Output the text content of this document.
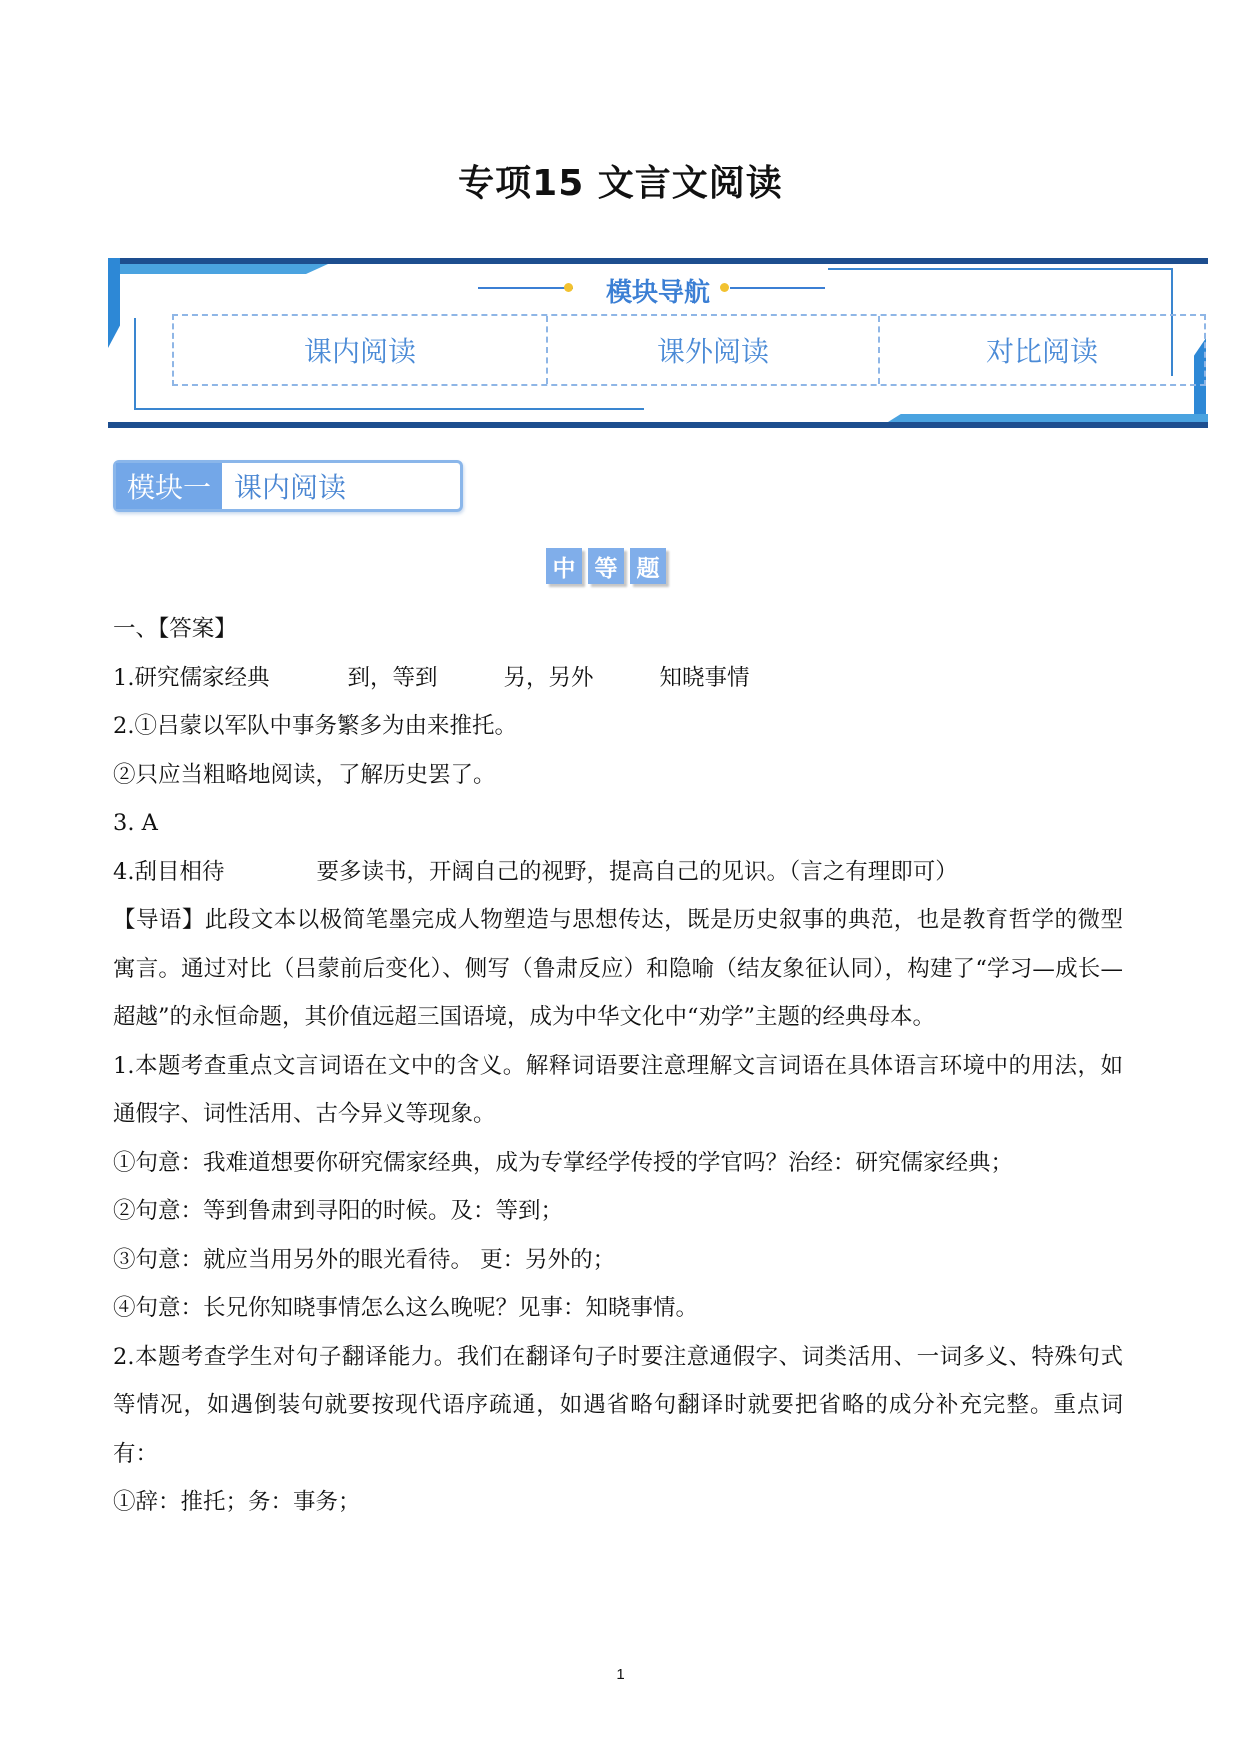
专项15 文言文阅读
模块导航
课内阅读	课外阅读	对比阅读
模块一 课内阅读
中 等 题
一、【答案】
1.研究儒家经典	到，等到	另，另外	知晓事情
2.①吕蒙以军队中事务繁多为由来推托。
②只应当粗略地阅读，了解历史罢了。
3. A
4.刮目相待	要多读书，开阔自己的视野，提高自己的见识。（言之有理即可）
【导语】此段文本以极简笔墨完成人物塑造与思想传达，既是历史叙事的典范，也是教育哲学的微型寓言。通过对比（吕蒙前后变化）、侧写（鲁肃反应）和隐喻（结友象征认同），构建了“学习—成长—超越”的永恒命题，其价值远超三国语境，成为中华文化中“劝学”主题的经典母本。
1.本题考查重点文言词语在文中的含义。解释词语要注意理解文言词语在具体语言环境中的用法，如通假字、词性活用、古今异义等现象。
①句意：我难道想要你研究儒家经典，成为专掌经学传授的学官吗？治经：研究儒家经典；
②句意：等到鲁肃到寻阳的时候。及：等到；
③句意：就应当用另外的眼光看待。 更：另外的；
④句意：长兄你知晓事情怎么这么晚呢？见事：知晓事情。
2.本题考查学生对句子翻译能力。我们在翻译句子时要注意通假字、词类活用、一词多义、特殊句式等情况，如遇倒装句就要按现代语序疏通，如遇省略句翻译时就要把省略的成分补充完整。重点词有：
①辞：推托；务：事务；
1
